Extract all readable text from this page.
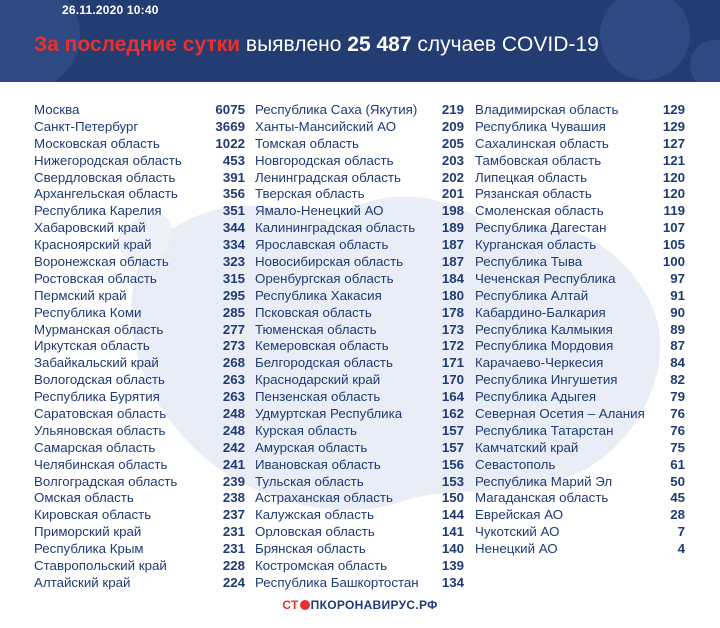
26.11.2020 10:40
За последние сутки выявлено 25 487 случаев COVID-19
Москва	6075
Санкт-Петербург	3669
Московская область	1022
Нижегородская область	453
Свердловская область	391
Архангельская область	356
Республика Карелия	351
Хабаровский край	344
Красноярский край	334
Воронежская область	323
Ростовская область	315
Пермский край	295
Республика Коми	285
Мурманская область	277
Иркутская область	273
Забайкальский край	268
Вологодская область	263
Республика Бурятия	263
Саратовская область	248
Ульяновская область	248
Самарская область	242
Челябинская область	241
Волгоградская область	239
Омская область	238
Кировская область	237
Приморский край	231
Республика Крым	231
Ставропольский край	228
Алтайский край	224
Республика Саха (Якутия) 219
Ханты-Мансийский АО	209
Томская область	205
Новгородская область	203
Ленинградская область	202
Тверская область	201
Ямало-Ненецкий АО	198
Калининградская область 189
Ярославская область	187
Новосибирская область	187
Оренбургская область	184
Республика Хакасия	180
Псковская область	178
Тюменская область	173
Кемеровская область	172
Белгородская область	171
Краснодарский край	170
Пензенская область	164
Удмуртская Республика	162
Курская область	157
Амурская область	157
Ивановская область	156
Тульская область	153
Астраханская область	150
Калужская область	144
Орловская область	141
Брянская область	140
Костромская область	139
Республика Башкортостан 134
Владимирская область	129
Республика Чувашия	129
Сахалинская область	127
Тамбовская область	121
Липецкая область	120
Рязанская область	120
Смоленская область	119
Республика Дагестан	107
Курганская область	105
Республика Тыва	100
Чеченская Республика	97
Республика Алтай	91
Кабардино-Балкария	90
Республика Калмыкия	89
Республика Мордовия	87
Карачаево-Черкесия	84
Республика Ингушетия	82
Республика Адыгея	79
Северная Осетия – Алания 76
Республика Татарстан	76
Камчатский край	75
Севастополь	61
Республика Марий Эл	50
Магаданская область	45
Еврейская АО	28
Чукотский АО	7
Ненецкий АО	4
СТ ПКОРОНАВИРУС.РФ
